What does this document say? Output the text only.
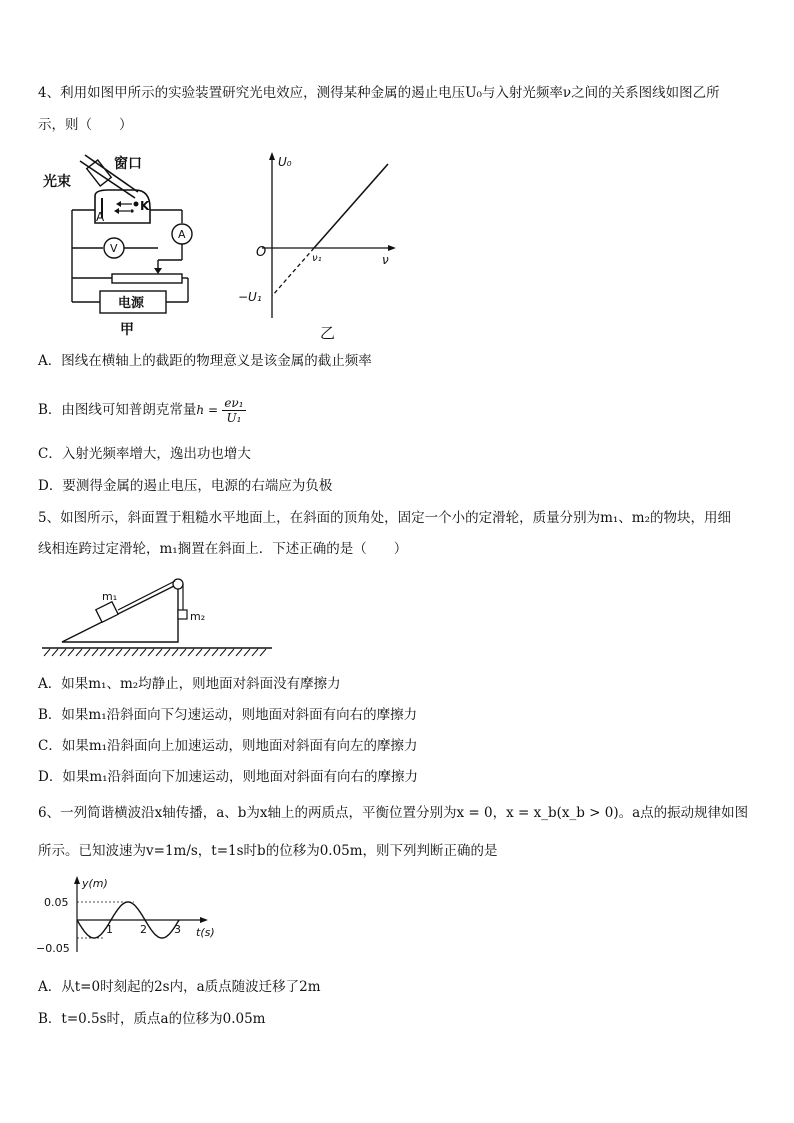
4、利用如图甲所示的实验装置研究光电效应，测得某种金属的遏止电压U₀与入射光频率ν之间的关系图线如图乙所
示，则（　　）
窗口
光束
A
K
V
A
电源
甲
U₀
ν
O	ν₁
−U₁
乙
A．图线在横轴上的截距的物理意义是该金属的截止频率
B．由图线可知普朗克常量$h = \frac{\text{eν₁}}{\text{U₁}}$
C．入射光频率增大，逸出功也增大
D．要测得金属的遏止电压，电源的右端应为负极
5、如图所示，斜面置于粗糙水平地面上，在斜面的顶角处，固定一个小的定滑轮，质量分别为m₁、m₂的物块，用细
线相连跨过定滑轮，m₁搁置在斜面上．下述正确的是（　　）
m₁
m₂
A．如果m₁、m₂均静止，则地面对斜面没有摩擦力
B．如果m₁沿斜面向下匀速运动，则地面对斜面有向右的摩擦力
C．如果m₁沿斜面向上加速运动，则地面对斜面有向左的摩擦力
D．如果m₁沿斜面向下加速运动，则地面对斜面有向右的摩擦力
6、一列简谐横波沿x轴传播，a、b为x轴上的两质点，平衡位置分别为x = 0，x = x_b(x_b > 0)。a点的振动规律如图
所示。已知波速为v=1m/s，t=1s时b的位移为0.05m，则下列判断正确的是
y(m)
t(s)
0.05
−0.05
1 2 3
A．从t=0时刻起的2s内，a质点随波迁移了2m
B．t=0.5s时，质点a的位移为0.05m
